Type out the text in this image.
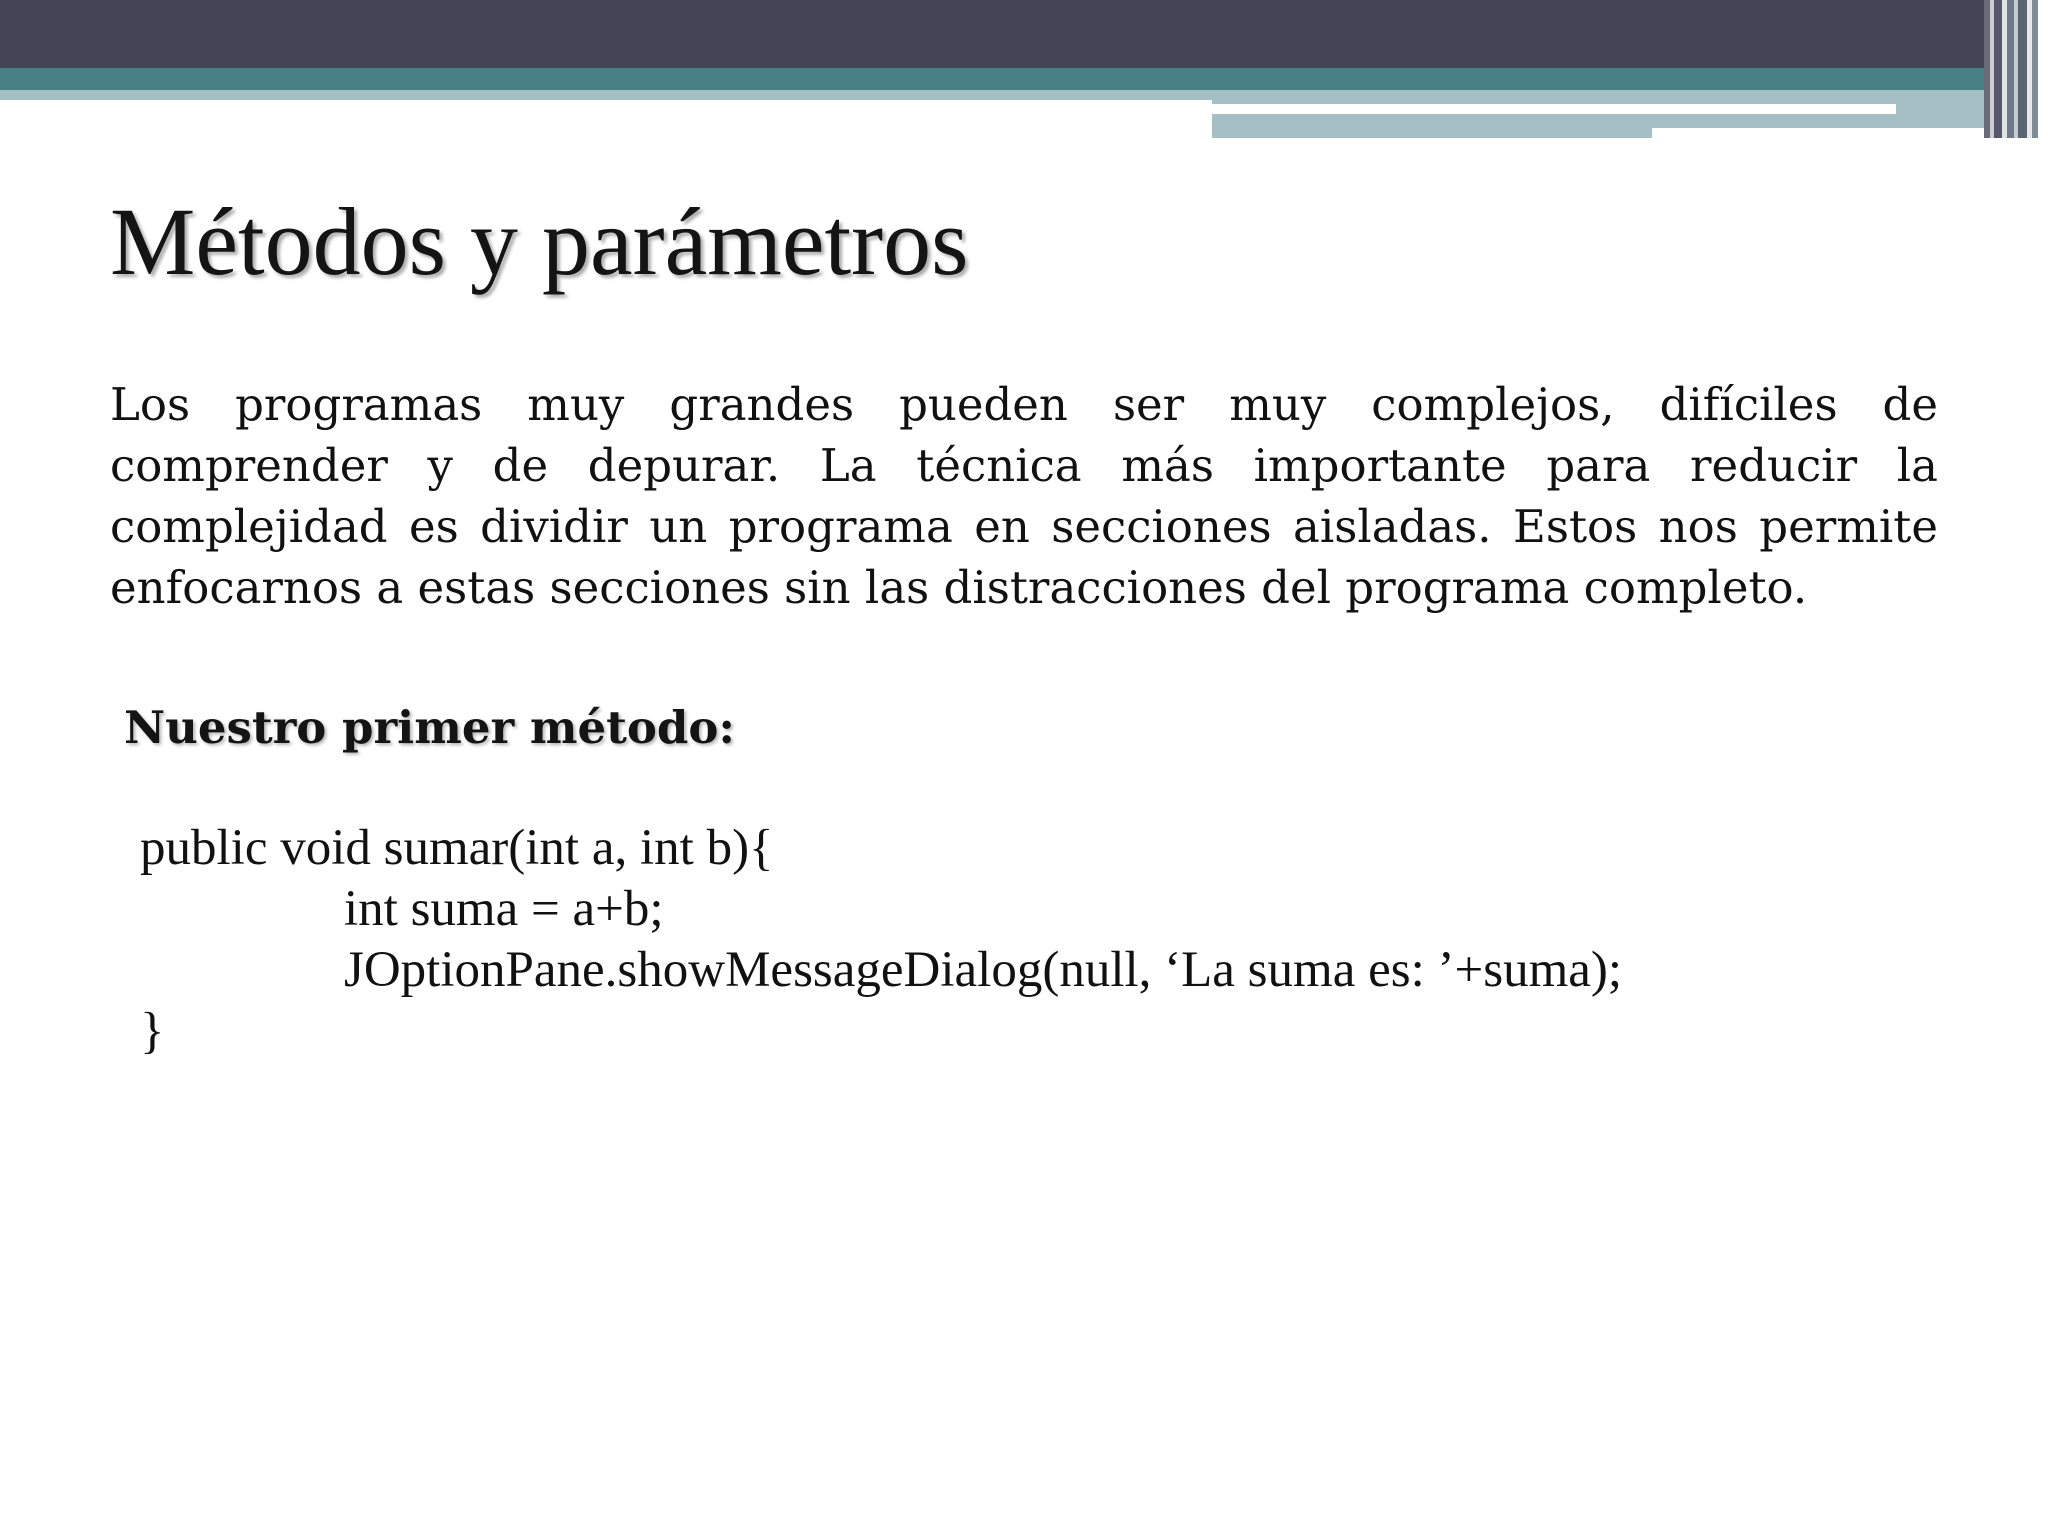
Métodos y parámetros

Los programas muy grandes pueden ser muy complejos, difíciles de comprender y de depurar. La técnica más importante para reducir la complejidad es dividir un programa en secciones aisladas. Estos nos permite enfocarnos a estas secciones sin las distracciones del programa completo.

Nuestro primer método:
public void sumar(int a, int b){
int suma = a+b;
JOptionPane.showMessageDialog(null, ‘La suma es: ’+suma);
}
